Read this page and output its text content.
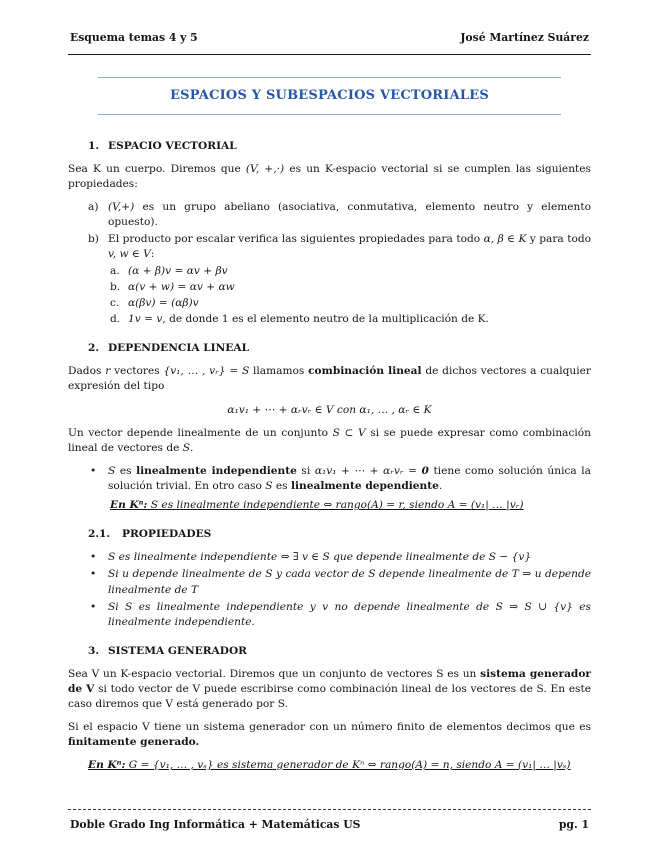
Esquema temas 4 y 5	José Martínez Suárez
ESPACIOS Y SUBESPACIOS VECTORIALES
1. ESPACIO VECTORIAL

Sea K un cuerpo. Diremos que (V, +,·) es un K-espacio vectorial si se cumplen las siguientes propiedades:

a) (V,+) es un grupo abeliano (asociativa, conmutativa, elemento neutro y elemento opuesto).
b) El producto por escalar verifica las siguientes propiedades para todo α, β ∈ K y para todo v, w ∈ V:
a. (α + β)v = αv + βv
b. α(v + w) = αv + αw
c. α(βv) = (αβ)v
d. 1v = v, de donde 1 es el elemento neutro de la multiplicación de K.
2. DEPENDENCIA LINEAL

Dados r vectores {v₁, … , vᵣ} = S llamamos combinación lineal de dichos vectores a cualquier expresión del tipo

α₁v₁ + ⋯ + αᵣvᵣ ∈ V con α₁, … , αᵣ ∈ K

Un vector depende linealmente de un conjunto S ⊂ V si se puede expresar como combinación lineal de vectores de S.

•	S es linealmente independiente si α₁v₁ + ⋯ + αᵣvᵣ = 0 tiene como solución única la solución trivial. En otro caso S es linealmente dependiente.
En Kⁿ: S es linealmente independiente ⇔ rango(A) = r, siendo A = (v₁| … |vᵣ)
2.1.	PROPIEDADES
•	S es linealmente independiente ⇔ ∃ v ∈ S que depende linealmente de S − {v}
•	Si u depende linealmente de S y cada vector de S depende linealmente de T ⇒ u depende linealmente de T
•	Si S es linealmente independiente y v no depende linealmente de S ⇒ S ∪ {v} es linealmente independiente.
3. SISTEMA GENERADOR

Sea V un K-espacio vectorial. Diremos que un conjunto de vectores S es un sistema generador de V si todo vector de V puede escribirse como combinación lineal de los vectores de S. En este caso diremos que V está generado por S.

Si el espacio V tiene un sistema generador con un número finito de elementos decimos que es finitamente generado.

En Kⁿ: G = {v₁, … , vₛ} es sistema generador de Kⁿ ⇔ rango(A) = n, siendo A = (v₁| … |vₛ)
Doble Grado Ing Informática + Matemáticas US	pg. 1
